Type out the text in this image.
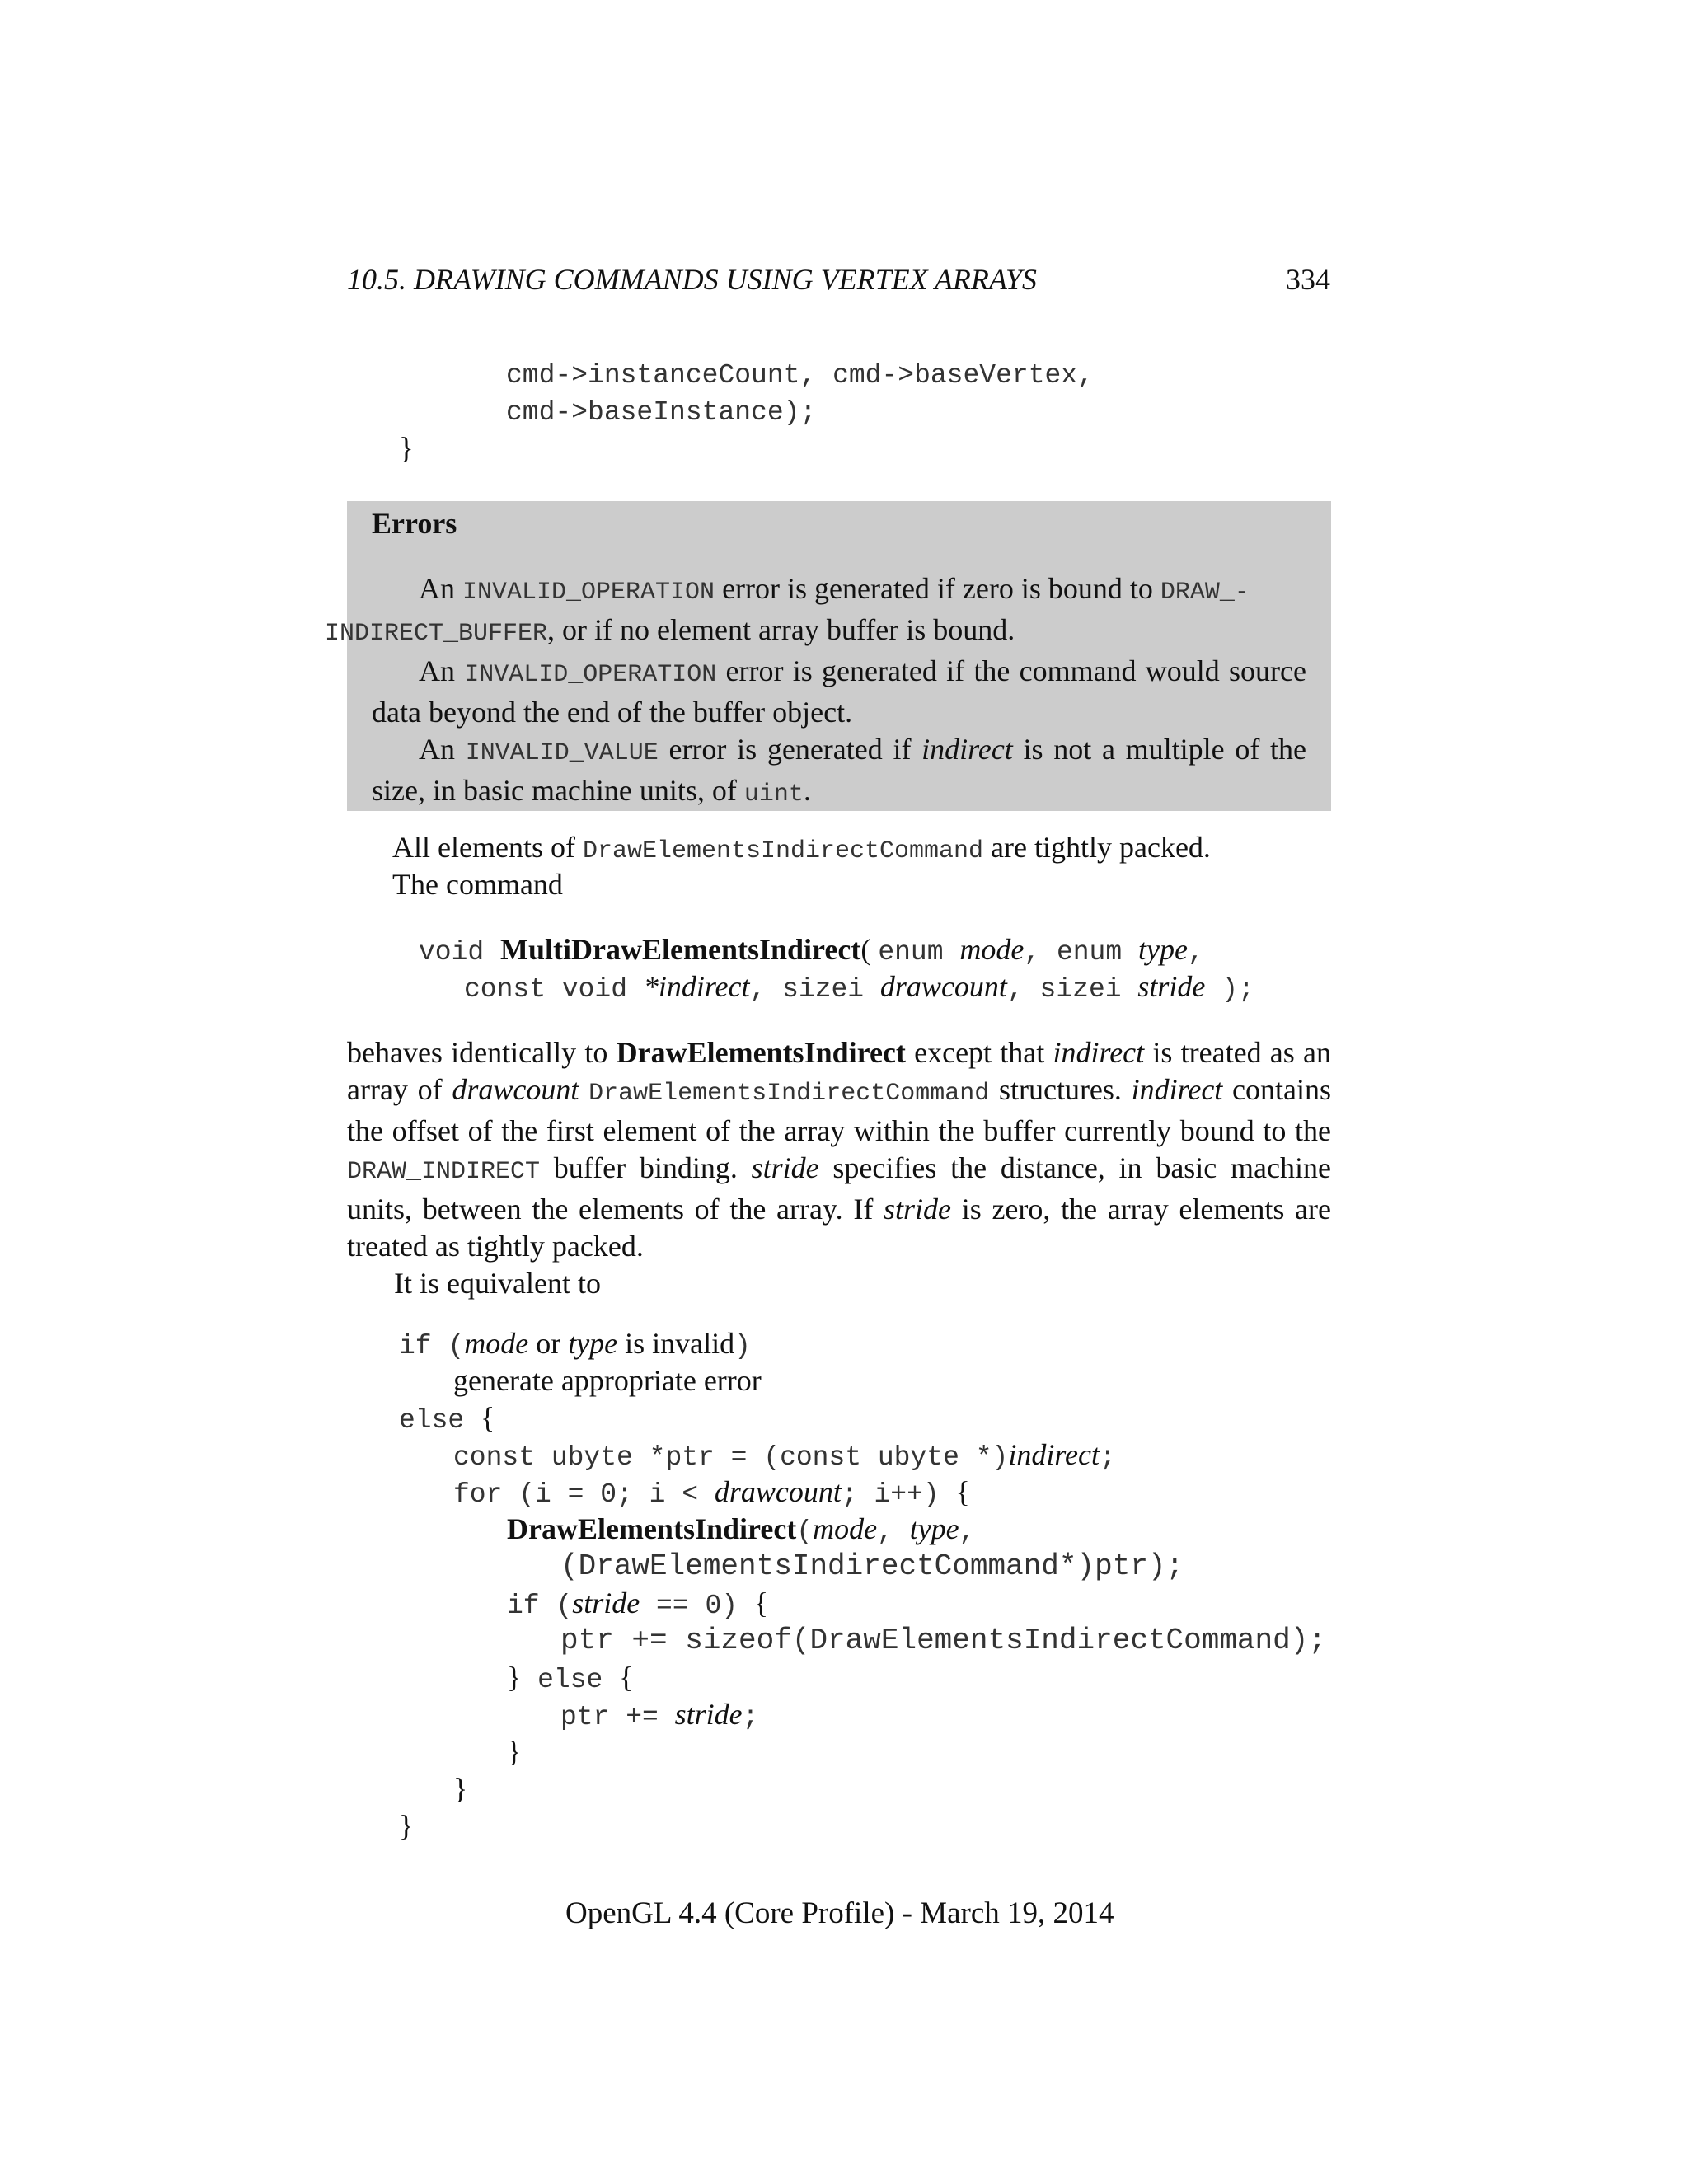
10.5. DRAWING COMMANDS USING VERTEX ARRAYS	334
cmd->instanceCount, cmd->baseVertex,
cmd->baseInstance);
}
Errors

An INVALID_OPERATION error is generated if zero is bound to DRAW_-
INDIRECT_BUFFER, or if no element array buffer is bound.

An INVALID_OPERATION error is generated if the command would source data beyond the end of the buffer object.

An INVALID_VALUE error is generated if indirect is not a multiple of the size, in basic machine units, of uint.

All elements of DrawElementsIndirectCommand are tightly packed.
The command
void MultiDrawElementsIndirect( enum mode, enum type,
const void *indirect, sizei drawcount, sizei stride );

behaves identically to DrawElementsIndirect except that indirect is treated as an array of drawcount DrawElementsIndirectCommand structures. indirect contains the offset of the first element of the array within the buffer currently bound to the DRAW_INDIRECT buffer binding. stride specifies the distance, in basic machine units, between the elements of the array. If stride is zero, the array elements are treated as tightly packed.

It is equivalent to

if (mode or type is invalid)
generate appropriate error
else {
const ubyte *ptr = (const ubyte *)indirect;
for (i = 0; i < drawcount; i++) {
DrawElementsIndirect(mode, type,
(DrawElementsIndirectCommand*)ptr);
if (stride == 0) {
ptr += sizeof(DrawElementsIndirectCommand);
} else {
ptr += stride;
}
}
}
OpenGL 4.4 (Core Profile) - March 19, 2014
